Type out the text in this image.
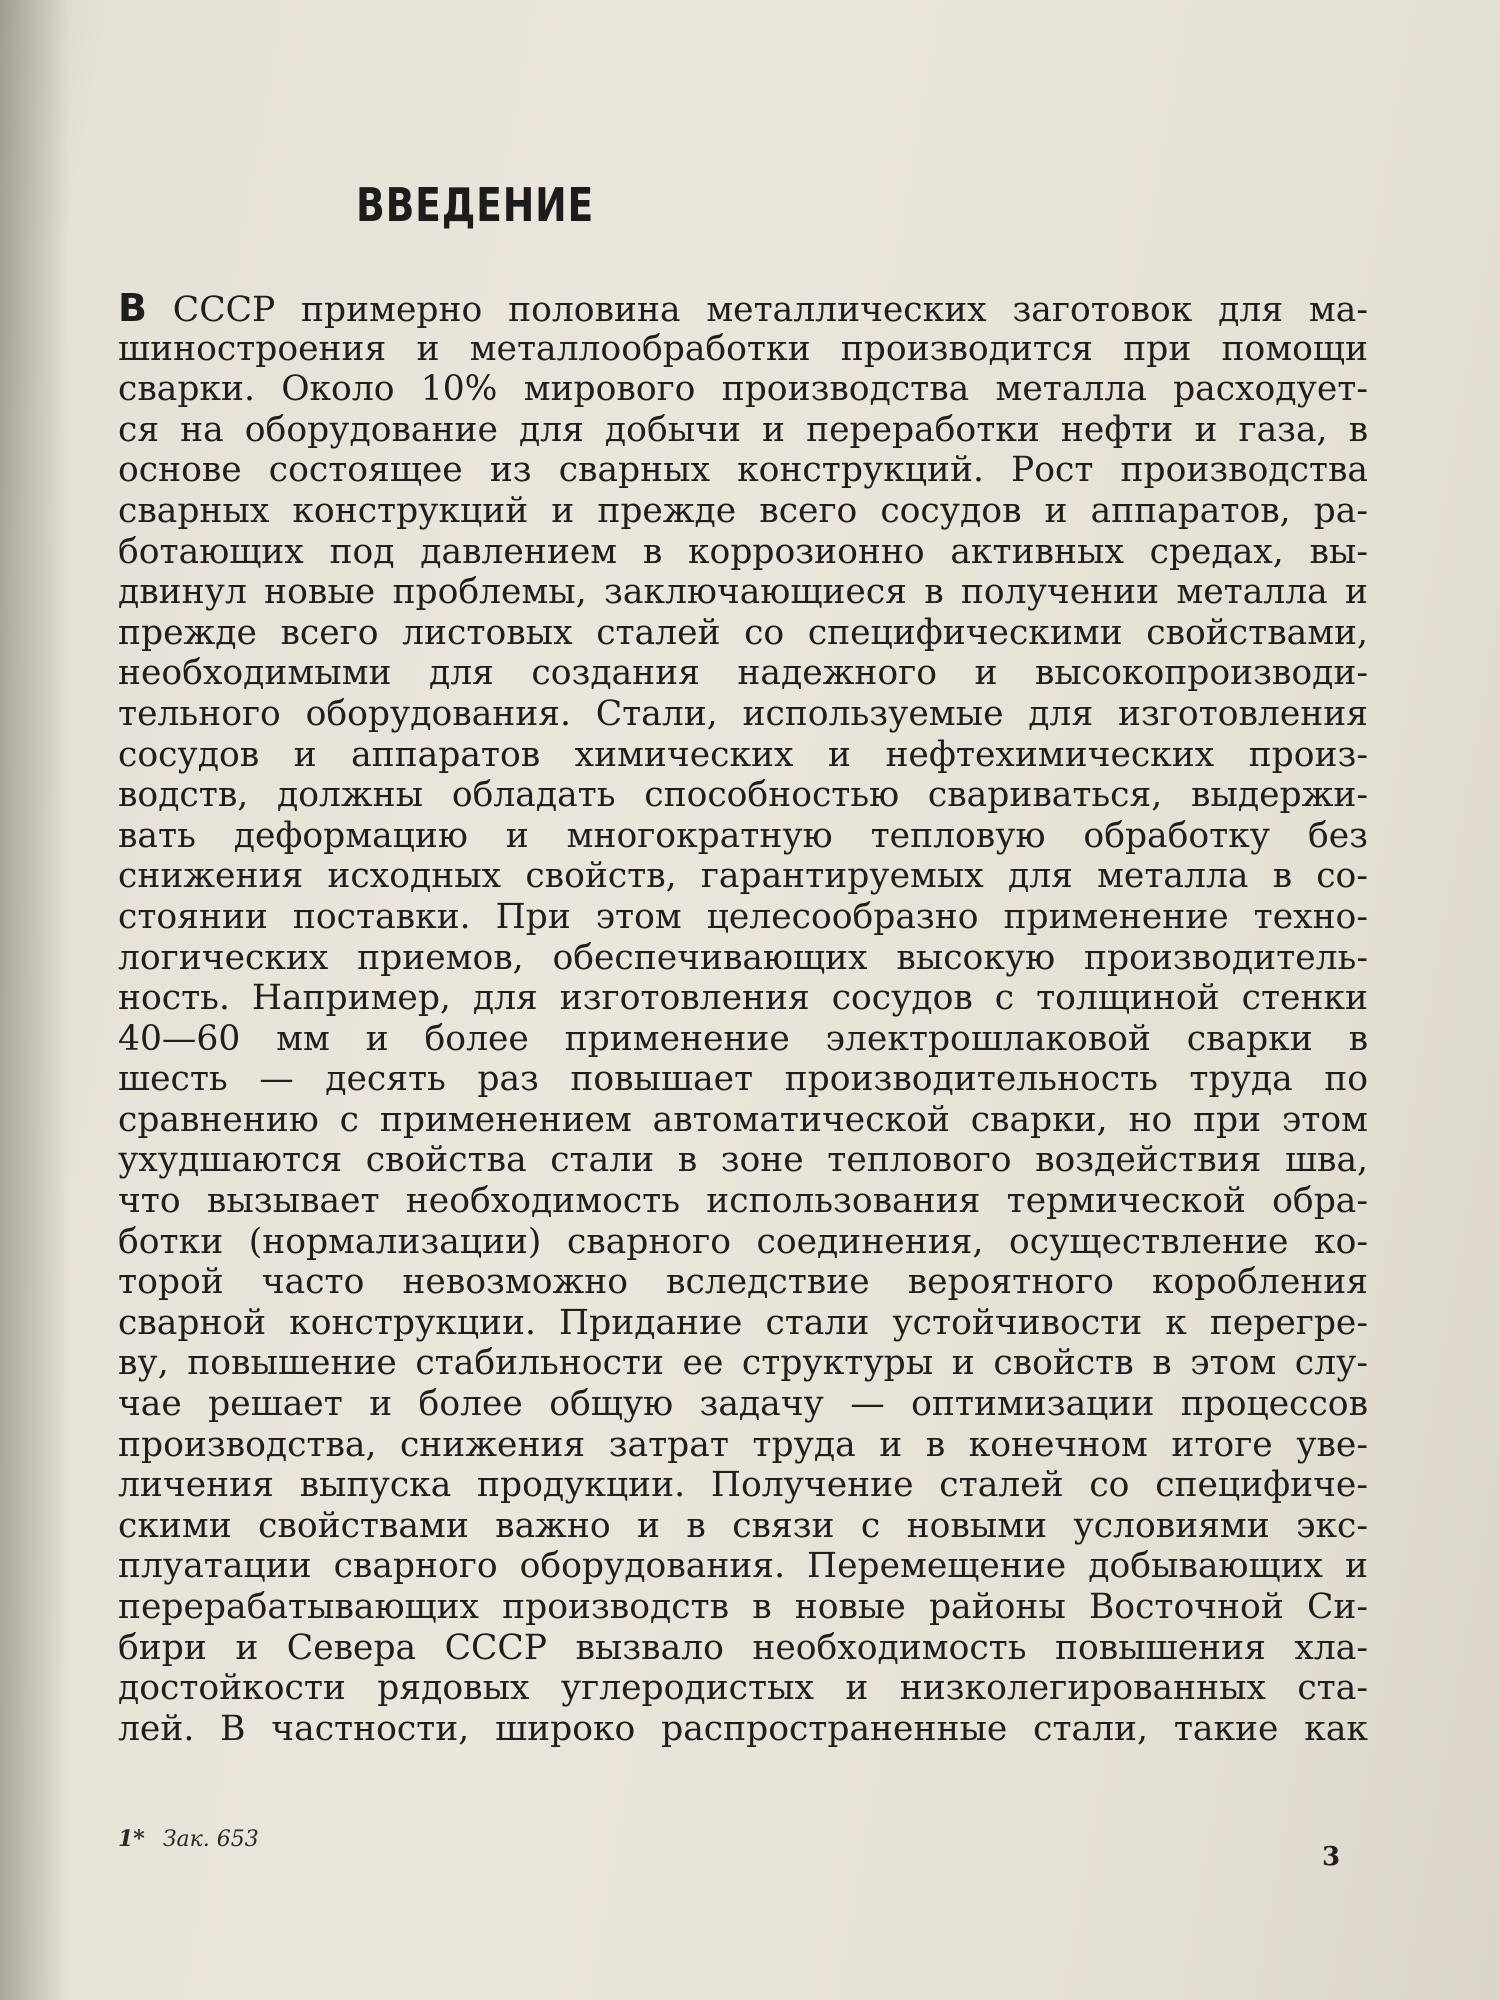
ВВЕДЕНИЕ
В СССР примерно половина металлических заготовок для ма-
шиностроения и металлообработки производится при помощи
сварки. Около 10% мирового производства металла расходует-
ся на оборудование для добычи и переработки нефти и газа, в
основе состоящее из сварных конструкций. Рост производства
сварных конструкций и прежде всего сосудов и аппаратов, ра-
ботающих под давлением в коррозионно активных средах, вы-
двинул новые проблемы, заключающиеся в получении металла и
прежде всего листовых сталей со специфическими свойствами,
необходимыми для создания надежного и высокопроизводи-
тельного оборудования. Стали, используемые для изготовления
сосудов и аппаратов химических и нефтехимических произ-
водств, должны обладать способностью свариваться, выдержи-
вать деформацию и многократную тепловую обработку без
снижения исходных свойств, гарантируемых для металла в со-
стоянии поставки. При этом целесообразно применение техно-
логических приемов, обеспечивающих высокую производитель-
ность. Например, для изготовления сосудов с толщиной стенки
40—60 мм и более применение электрошлаковой сварки в
шесть — десять раз повышает производительность труда по
сравнению с применением автоматической сварки, но при этом
ухудшаются свойства стали в зоне теплового воздействия шва,
что вызывает необходимость использования термической обра-
ботки (нормализации) сварного соединения, осуществление ко-
торой часто невозможно вследствие вероятного коробления
сварной конструкции. Придание стали устойчивости к перегре-
ву, повышение стабильности ее структуры и свойств в этом слу-
чае решает и более общую задачу — оптимизации процессов
производства, снижения затрат труда и в конечном итоге уве-
личения выпуска продукции. Получение сталей со специфиче-
скими свойствами важно и в связи с новыми условиями экс-
плуатации сварного оборудования. Перемещение добывающих и
перерабатывающих производств в новые районы Восточной Си-
бири и Севера СССР вызвало необходимость повышения хла-
достойкости рядовых углеродистых и низколегированных ста-
лей. В частности, широко распространенные стали, такие как

1* Зак. 653

3
